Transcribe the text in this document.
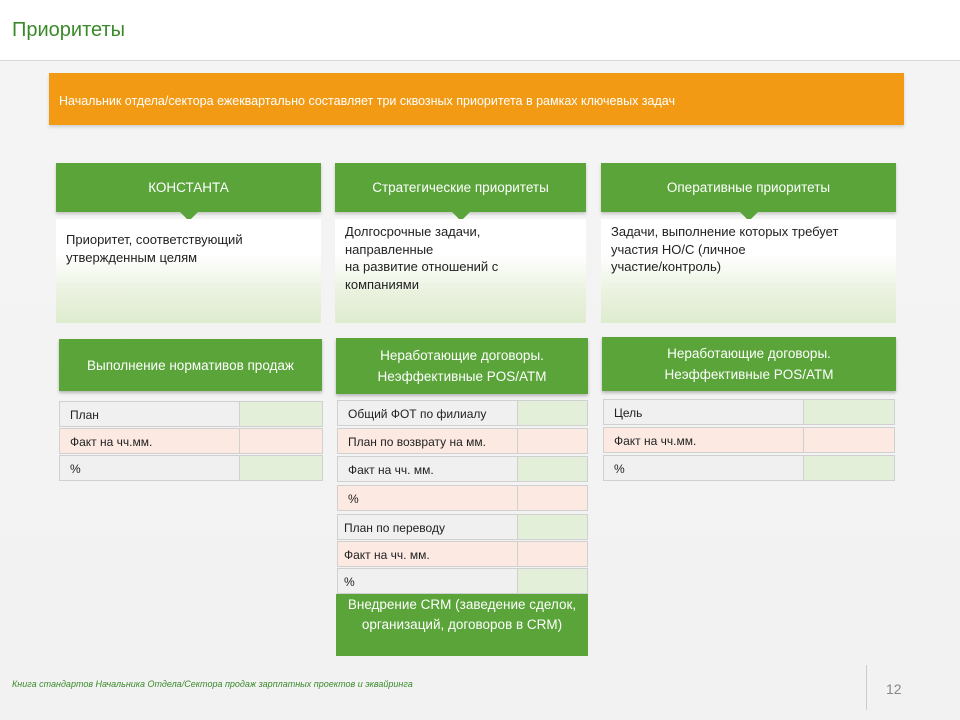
Приоритеты
Начальник отдела/сектора ежеквартально составляет три сквозных приоритета в рамках ключевых задач
КОНСТАНТА	Стратегические приоритеты	Оперативные приоритеты
Приоритет, соответствующий
утвержденным целям
Долгосрочные задачи,
направленные
на развитие отношений с
компаниями
Задачи, выполнение которых требует
участия НО/С (личное
участие/контроль)
Выполнение нормативов продаж
Неработающие договоры.
Неэффективные POS/ATM
Неработающие договоры.
Неэффективные POS/ATM
План
Факт на чч.мм.
%
Общий ФОТ по филиалу
План по возврату на мм.
Факт на чч. мм.
%
План по переводу
Факт на чч. мм.
%
Внедрение CRM (заведение сделок, организаций, договоров в CRM)
Цель
Факт на чч.мм.
%
Книга стандартов Начальника Отдела/Сектора продаж зарплатных проектов и эквайринга	12
